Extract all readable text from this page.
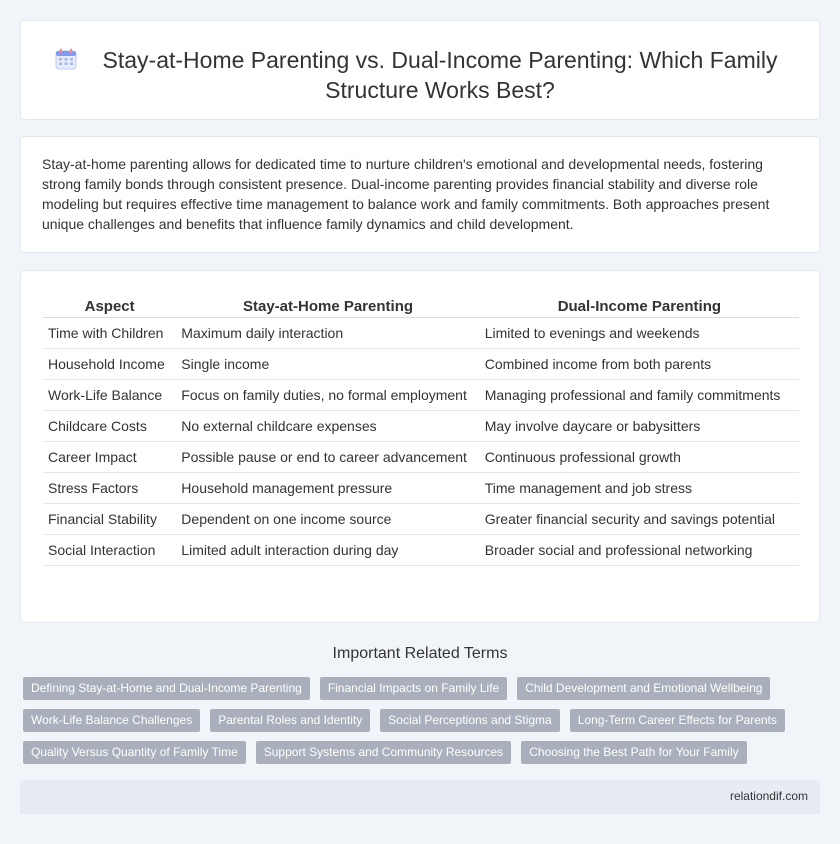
Stay-at-Home Parenting vs. Dual-Income Parenting: Which Family Structure Works Best?

Stay-at-home parenting allows for dedicated time to nurture children's emotional and developmental needs, fostering strong family bonds through consistent presence. Dual-income parenting provides financial stability and diverse role modeling but requires effective time management to balance work and family commitments. Both approaches present unique challenges and benefits that influence family dynamics and child development.

Aspect	Stay-at-Home Parenting	Dual-Income Parenting
Time with Children	Maximum daily interaction	Limited to evenings and weekends
Household Income	Single income	Combined income from both parents
Work-Life Balance	Focus on family duties, no formal employment	Managing professional and family commitments
Childcare Costs	No external childcare expenses	May involve daycare or babysitters
Career Impact	Possible pause or end to career advancement	Continuous professional growth
Stress Factors	Household management pressure	Time management and job stress
Financial Stability	Dependent on one income source	Greater financial security and savings potential
Social Interaction	Limited adult interaction during day	Broader social and professional networking
Important Related Terms
Defining Stay-at-Home and Dual-Income Parenting	Financial Impacts on Family Life	Child Development and Emotional Wellbeing
Work-Life Balance Challenges	Parental Roles and Identity	Social Perceptions and Stigma	Long-Term Career Effects for Parents
Quality Versus Quantity of Family Time	Support Systems and Community Resources	Choosing the Best Path for Your Family
relationdif.com
